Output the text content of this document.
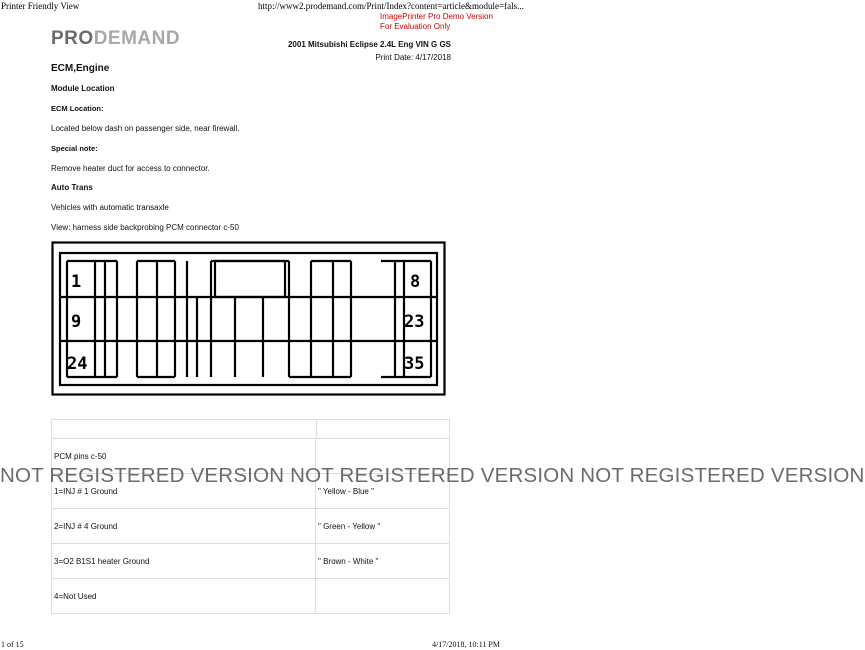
Printer Friendly View	http://www2.prodemand.com/Print/Index?content=article&module=fals...
ImagePrinter Pro Demo Version
For Evaluation Only
PRODEMAND	2001 Mitsubishi Eclipse 2.4L Eng VIN G GS
Print Date: 4/17/2018
ECM,Engine
Module Location
ECM Location:
Located below dash on passenger side, near firewall.
Special note:
Remove heater duct for access to connector.
Auto Trans
Vehicles with automatic transaxle
View: harness side backprobing PCM connector c-50
1	8
9	23
24	35
PCM pins c-50
1=INJ # 1 Ground	" Yellow - Blue "
2=INJ # 4 Ground	" Green - Yellow "
3=O2 B1S1 heater Ground	" Brown - White "
4=Not Used
NOT REGISTERED VERSION NOT REGISTERED VERSION NOT REGISTERED VERSION
1 of 15	4/17/2018, 10:11 PM
